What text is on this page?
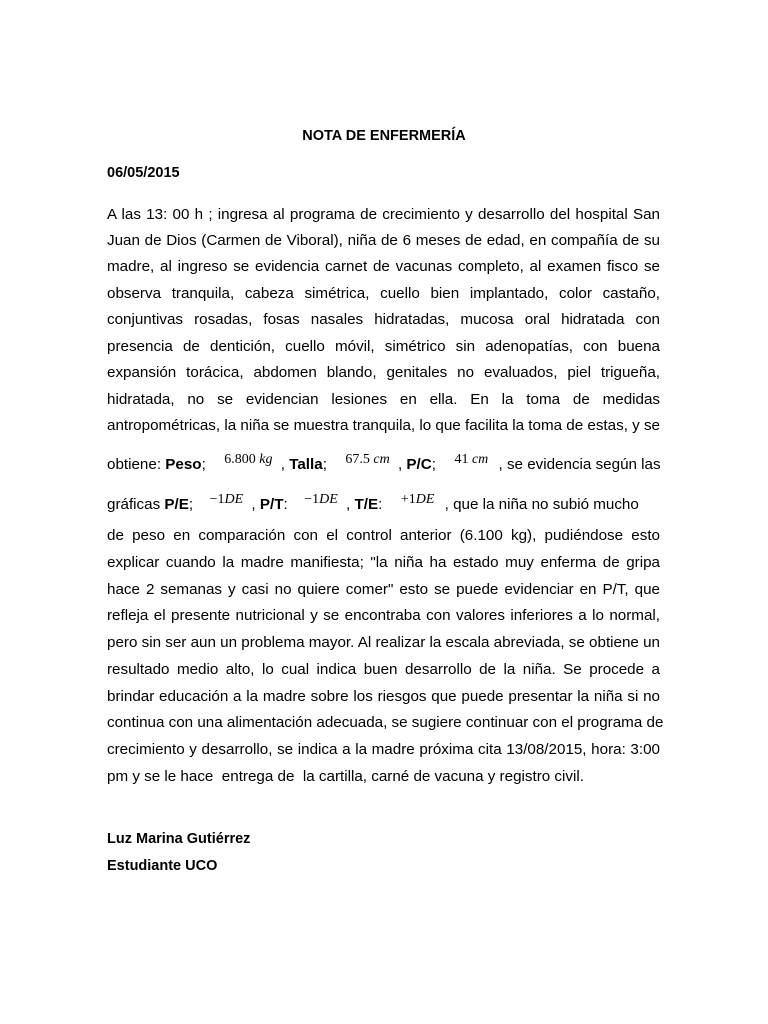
NOTA DE ENFERMERÍA
06/05/2015
A las 13: 00 h ; ingresa al programa de crecimiento y desarrollo del hospital San
Juan de Dios (Carmen de Viboral), niña de 6 meses de edad, en compañía de su
madre, al ingreso se evidencia carnet de vacunas completo, al examen fisco se
observa tranquila, cabeza simétrica, cuello bien implantado, color castaño,
conjuntivas rosadas, fosas nasales hidratadas, mucosa oral hidratada con
presencia de dentición, cuello móvil, simétrico sin adenopatías, con buena
expansión torácica, abdomen blando, genitales no evaluados, piel trigueña,
hidratada, no se evidencian lesiones en ella. En la toma de medidas
antropométricas, la niña se muestra tranquila, lo que facilita la toma de estas, y se
obtiene: Peso; 6.800 kg , Talla; 67.5 cm , P/C; 41 cm , se evidencia según las
gráficas P/E; −1DE , P/T: −1DE , T/E: +1DE , que la niña no subió mucho
de peso en comparación con el control anterior (6.100 kg), pudiéndose esto
explicar cuando la madre manifiesta; "la niña ha estado muy enferma de gripa
hace 2 semanas y casi no quiere comer" esto se puede evidenciar en P/T, que
refleja el presente nutricional y se encontraba con valores inferiores a lo normal,
pero sin ser aun un problema mayor. Al realizar la escala abreviada, se obtiene un
resultado medio alto, lo cual indica buen desarrollo de la niña. Se procede a
brindar educación a la madre sobre los riesgos que puede presentar la niña si no
continua con una alimentación adecuada, se sugiere continuar con el programa de
crecimiento y desarrollo, se indica a la madre próxima cita 13/08/2015, hora: 3:00
pm y se le hace  entrega de  la cartilla, carné de vacuna y registro civil.
Luz Marina Gutiérrez
Estudiante UCO
